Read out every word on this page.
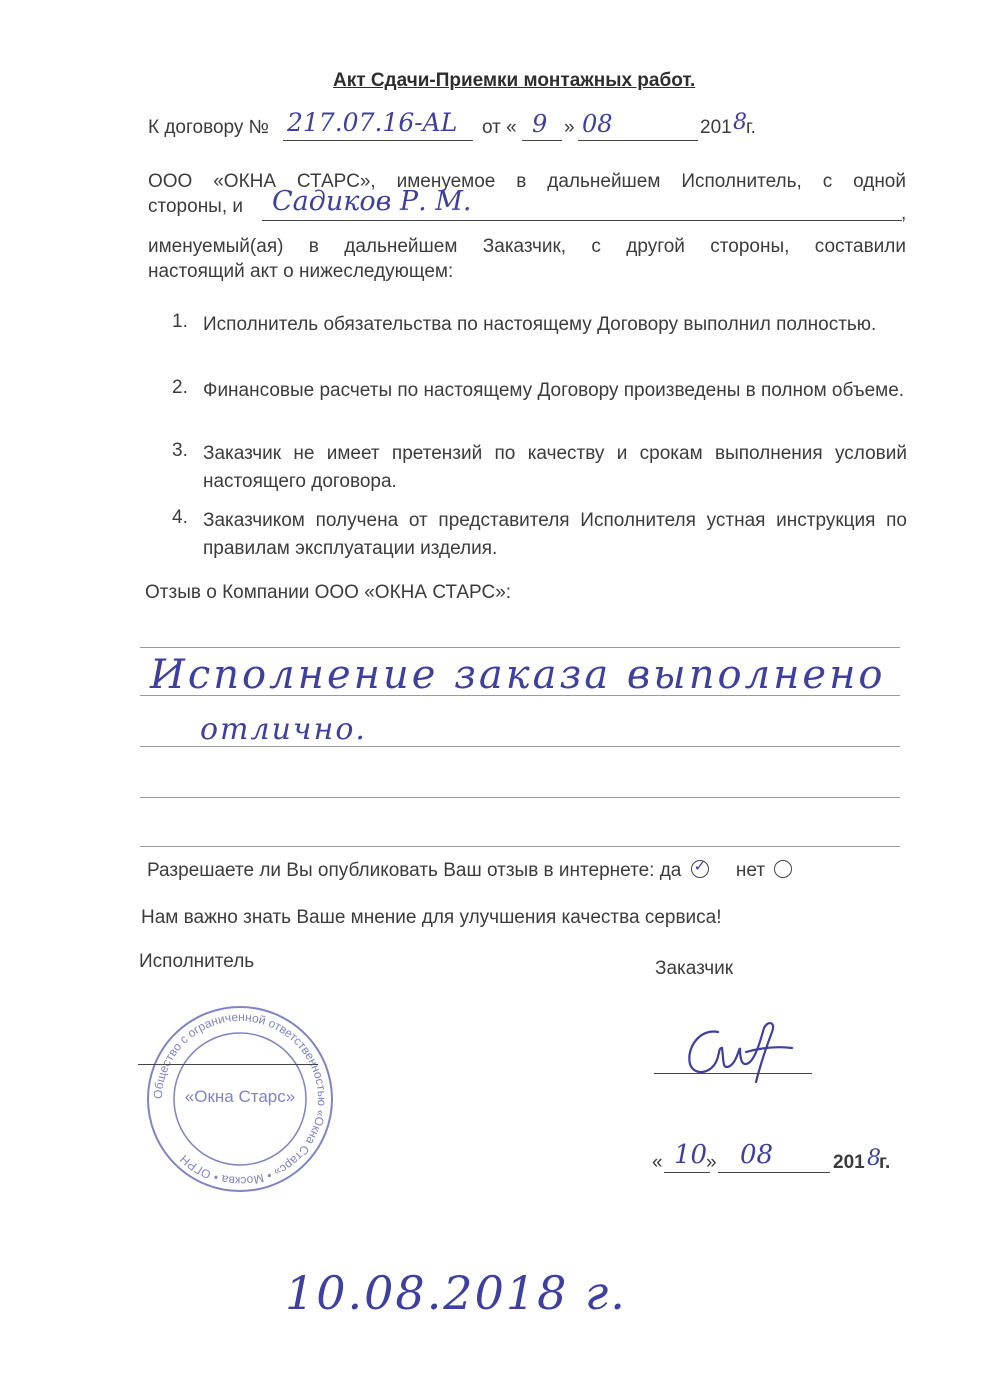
Акт Сдачи-Приемки монтажных работ.
К договору № 217.07.16-AL от « 9 » 08	201 8 г.
ООО «ОКНА СТАРС», именуемое в дальнейшем Исполнитель, с одной
стороны, и Садиков Р. М.	,
именуемый(ая) в дальнейшем Заказчик, с другой стороны, составили
настоящий акт о нижеследующем:
1. Исполнитель обязательства по настоящему Договору выполнил полностью.
2. Финансовые расчеты по настоящему Договору произведены в полном объеме.
3. Заказчик не имеет претензий по качеству и срокам выполнения условий настоящего договора.
4. Заказчиком получена от представителя Исполнителя устная инструкция по правилам эксплуатации изделия.
Отзыв о Компании ООО «ОКНА СТАРС»:
Исполнение заказа выполнено
отлично.
Разрешаете ли Вы опубликовать Ваш отзыв в интернете: да ✓ нет
Нам важно знать Ваше мнение для улучшения качества сервиса!
Исполнитель	Заказчик
Общество с ограниченной ответственностью «Окна Старс» • Москва • ОГРН
«Окна Старс»
« 10
» 08	201 8
г.
10.08.2018 г.
